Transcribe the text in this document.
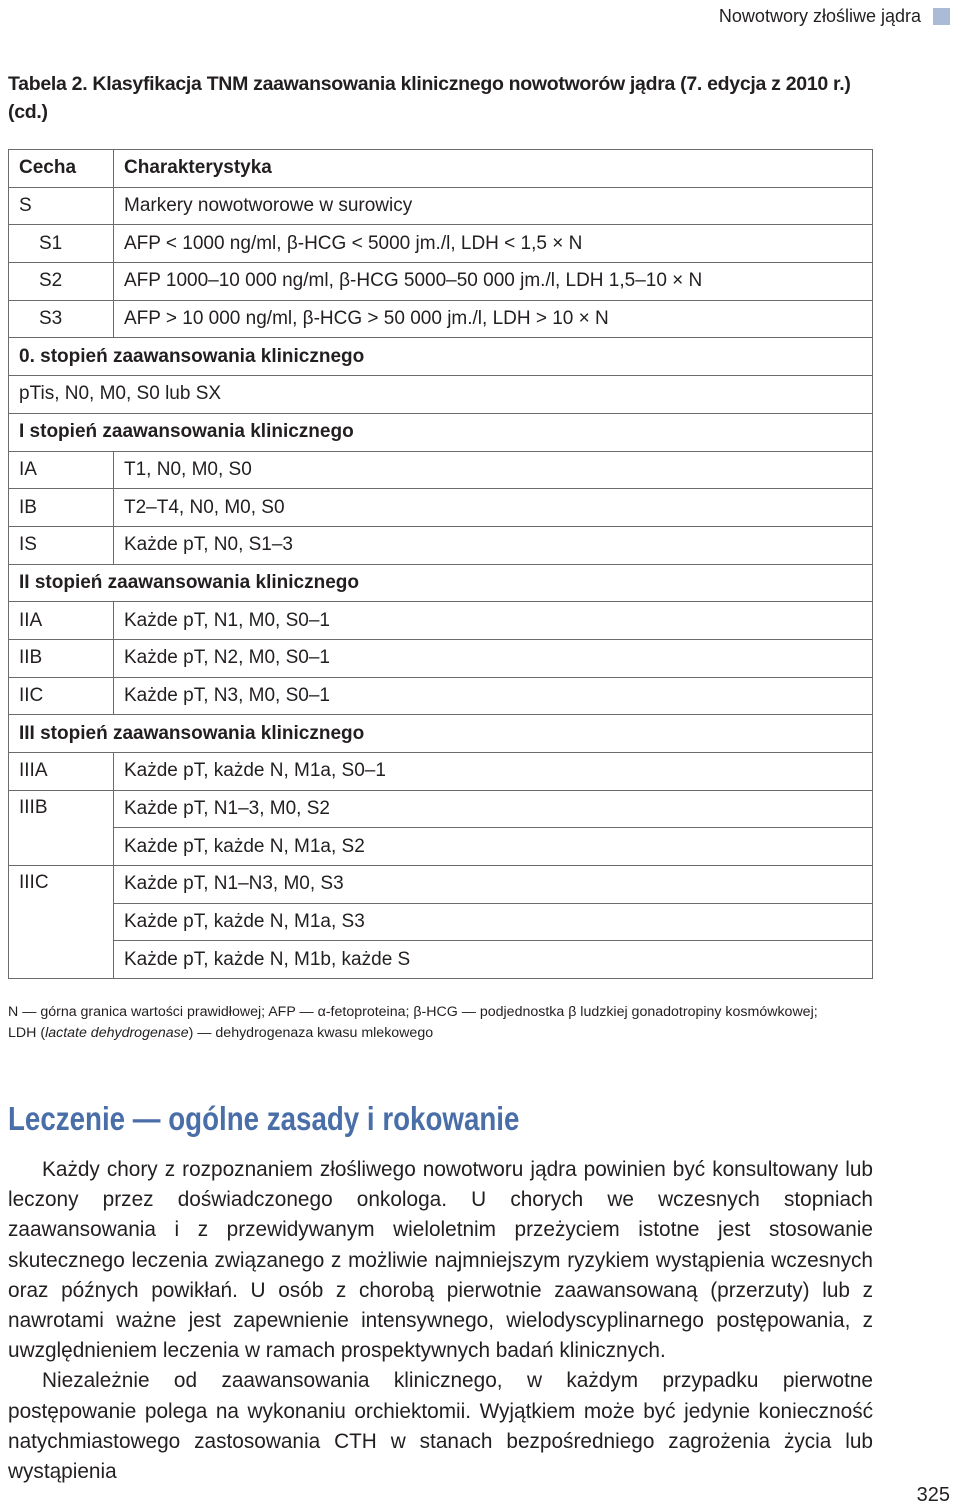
Nowotwory złośliwe jądra
Tabela 2. Klasyfikacja TNM zaawansowania klinicznego nowotworów jądra (7. edycja z 2010 r.) (cd.)
Cecha	Charakterystyka
S	Markery nowotworowe w surowicy
S1	AFP < 1000 ng/ml, β-HCG < 5000 jm./l, LDH < 1,5 × N
S2	AFP 1000–10 000 ng/ml, β-HCG 5000–50 000 jm./l, LDH 1,5–10 × N
S3	AFP > 10 000 ng/ml, β-HCG > 50 000 jm./l, LDH > 10 × N
0. stopień zaawansowania klinicznego	
pTis, N0, M0, S0 lub SX	
I stopień zaawansowania klinicznego	
IA	T1, N0, M0, S0
IB	T2–T4, N0, M0, S0
IS	Każde pT, N0, S1–3
II stopień zaawansowania klinicznego	
IIA	Każde pT, N1, M0, S0–1
IIB	Każde pT, N2, M0, S0–1
IIC	Każde pT, N3, M0, S0–1
III stopień zaawansowania klinicznego	
IIIA	Każde pT, każde N, M1a, S0–1
IIIB	Każde pT, N1–3, M0, S2
	Każde pT, każde N, M1a, S2
IIIC	Każde pT, N1–N3, M0, S3
	Każde pT, każde N, M1a, S3
	Każde pT, każde N, M1b, każde S
N — górna granica wartości prawidłowej; AFP — α-fetoproteina; β-HCG — podjednostka β ludzkiej gonadotropiny kosmówkowej;
LDH (lactate dehydrogenase) — dehydrogenaza kwasu mlekowego
Leczenie — ogólne zasady i rokowanie

Każdy chory z rozpoznaniem złośliwego nowotworu jądra powinien być konsultowany lub leczony przez doświadczonego onkologa. U chorych we wczesnych stopniach zaawansowania i z przewidywanym wieloletnim przeżyciem istotne jest stosowanie skutecznego leczenia związanego z możliwie najmniejszym ryzykiem wystąpienia wczesnych oraz późnych powikłań. U osób z chorobą pierwotnie zaawansowaną (przerzuty) lub z nawrotami ważne jest zapewnienie intensywnego, wielodyscyplinarnego postępowania, z uwzględnieniem leczenia w ramach prospektywnych badań klinicznych.

Niezależnie od zaawansowania klinicznego, w każdym przypadku pierwotne postępowanie polega na wykonaniu orchiektomii. Wyjątkiem może być jedynie konieczność natychmiastowego zastosowania CTH w stanach bezpośredniego zagrożenia życia lub wystąpienia

325
